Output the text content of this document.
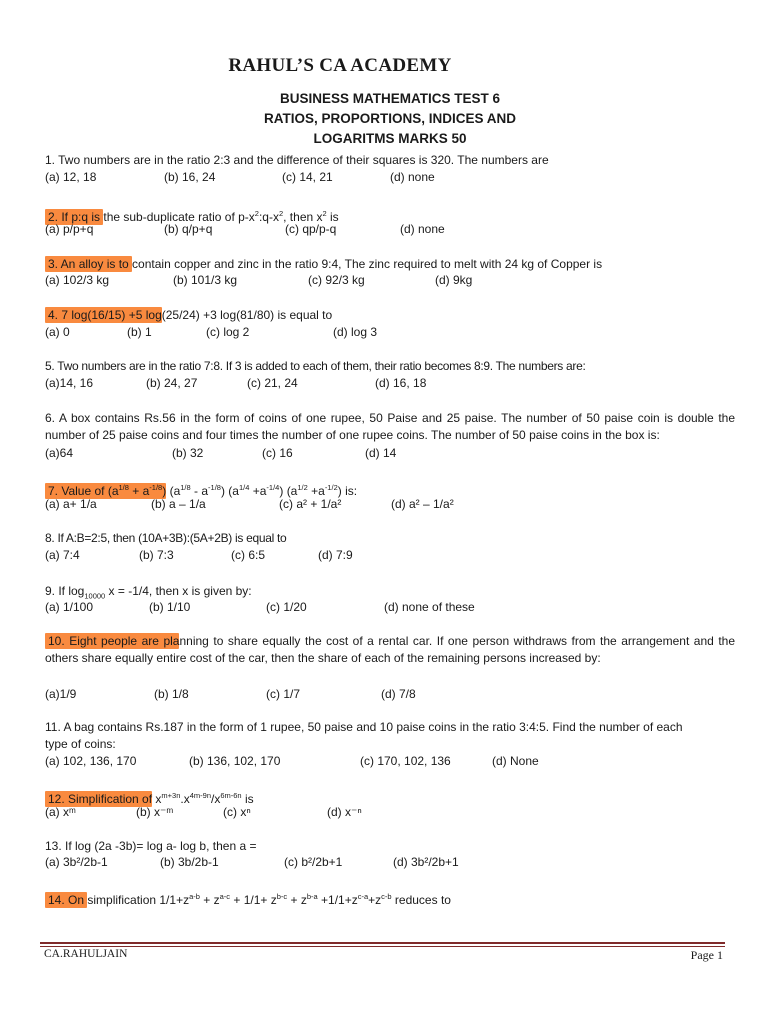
RAHUL’S CA ACADEMY
BUSINESS MATHEMATICS TEST 6
RATIOS, PROPORTIONS, INDICES AND
LOGARITMS MARKS 50
1. Two numbers are in the ratio 2:3 and the difference of their squares is 320. The numbers are
(a) 12, 18	(b) 16, 24	(c) 14, 21	(d) none
2. If p:q is the sub-duplicate ratio of $p-x^2:q-x^2$, then $x^2$ is
(a) p/p+q	(b) q/p+q	(c) qp/p-q	(d) none
3. An alloy is to contain copper and zinc in the ratio 9:4, The zinc required to melt with 24 kg of Copper is
(a) 102/3 kg	(b) 101/3 kg	(c) 92/3 kg	(d) 9kg
4. 7 log(16/15) +5 log(25/24) +3 log(81/80) is equal to
(a) 0	(b) 1	(c) log 2	(d) log 3
5. Two numbers are in the ratio 7:8. If 3 is added to each of them, their ratio becomes 8:9. The numbers are:
(a)14, 16	(b) 24, 27	(c) 21, 24	(d) 16, 18
6. A box contains Rs.56 in the form of coins of one rupee, 50 Paise and 25 paise. The number of 50 paise coin is double the number of 25 paise coins and four times the number of one rupee coins. The number of 50 paise coins in the box is:
(a)64	(b) 32	(c) 16	(d) 14
7. Value of $(a^{1/8} + a^{-1/8})$ $(a^{1/8} - a^{-1/8})$ $(a^{1/4} +a^{-1/4})$ $(a^{1/2} +a^{-1/2})$ is:
(a) a+ 1/a	(b) a – 1/a	(c) a² + 1/a²	(d) a² – 1/a²
8. If A:B=2:5, then (10A+3B):(5A+2B) is equal to
(a) 7:4	(b) 7:3	(c) 6:5	(d) 7:9
9. If $\log_{10000} x = -1/4$, then x is given by:
(a) 1/100	(b) 1/10	(c) 1/20	(d) none of these
10. Eight people are planning to share equally the cost of a rental car. If one person withdraws from the arrangement and the others share equally entire cost of the car, then the share of each of the remaining persons increased by:
(a)1/9	(b) 1/8	(c) 1/7	(d) 7/8
11. A bag contains Rs.187 in the form of 1 rupee, 50 paise and 10 paise coins in the ratio 3:4:5. Find the number of each type of coins:
(a) 102, 136, 170	(b) 136, 102, 170	(c) 170, 102, 136	(d) None
12. Simplification of $x^{m+3n}.x^{4m-9n}/x^{6m-6n}$ is
(a) xᵐ	(b) x⁻ᵐ	(c) xⁿ	(d) x⁻ⁿ
13. If log (2a -3b)= log a- log b, then a =
(a) 3b²/2b-1	(b) 3b/2b-1	(c) b²/2b+1	(d) 3b²/2b+1
14. On simplification $1/1+z^{a-b} + z^{a-c} + 1/1+ z^{b-c} + z^{b-a} +1/1+z^{c-a}+z^{c-b}$ reduces to
CA.RAHULJAIN	Page 1
